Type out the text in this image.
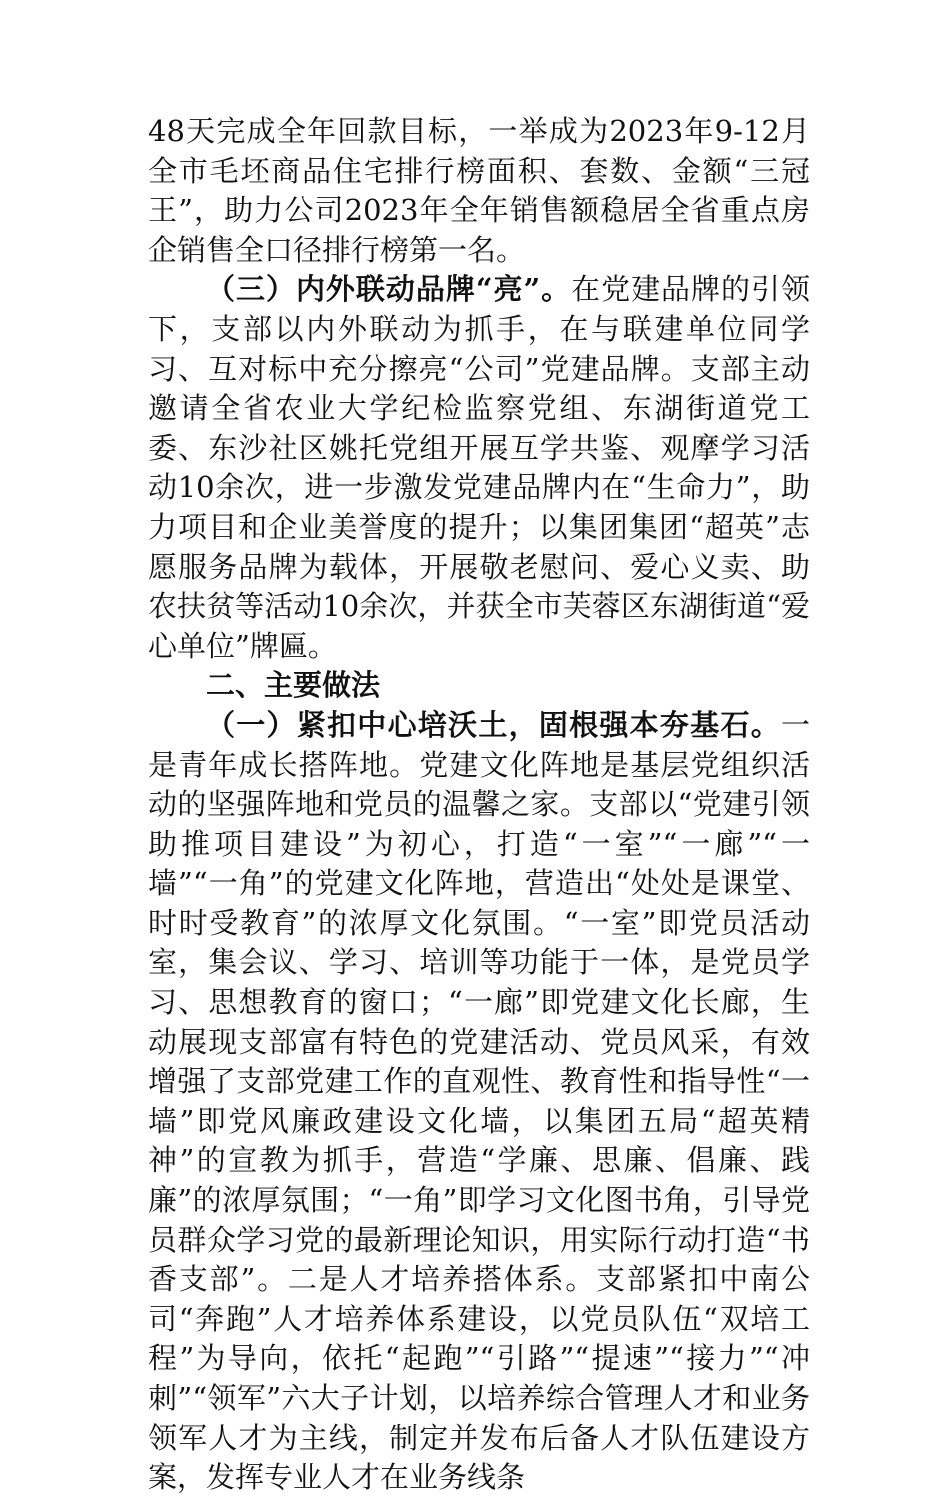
48天完成全年回款目标，一举成为2023年9-12月全市毛坯商品住宅排行榜面积、套数、金额“三冠王”，助力公司2023年全年销售额稳居全省重点房企销售全口径排行榜第一名。

（三）内外联动品牌“亮”。在党建品牌的引领下，支部以内外联动为抓手，在与联建单位同学习、互对标中充分擦亮“公司”党建品牌。支部主动邀请全省农业大学纪检监察党组、东湖街道党工委、东沙社区姚托党组开展互学共鉴、观摩学习活动10余次，进一步激发党建品牌内在“生命力”，助力项目和企业美誉度的提升；以集团集团“超英”志愿服务品牌为载体，开展敬老慰问、爱心义卖、助农扶贫等活动10余次，并获全市芙蓉区东湖街道“爱心单位”牌匾。

二、主要做法

（一）紧扣中心培沃土，固根强本夯基石。一是青年成长搭阵地。党建文化阵地是基层党组织活动的坚强阵地和党员的温馨之家。支部以“党建引领助推项目建设”为初心，打造“一室”“一廊”“一墙”“一角”的党建文化阵地，营造出“处处是课堂、时时受教育”的浓厚文化氛围。“一室”即党员活动室，集会议、学习、培训等功能于一体，是党员学习、思想教育的窗口；“一廊”即党建文化长廊，生动展现支部富有特色的党建活动、党员风采，有效增强了支部党建工作的直观性、教育性和指导性“一墙”即党风廉政建设文化墙，以集团五局“超英精神”的宣教为抓手，营造“学廉、思廉、倡廉、践廉”的浓厚氛围；“一角”即学习文化图书角，引导党员群众学习党的最新理论知识，用实际行动打造“书香支部”。二是人才培养搭体系。支部紧扣中南公司“奔跑”人才培养体系建设，以党员队伍“双培工程”为导向，依托“起跑”“引路”“提速”“接力”“冲刺”“领军”六大子计划，以培养综合管理人才和业务领军人才为主线，制定并发布后备人才队伍建设方案，发挥专业人才在业务线条
